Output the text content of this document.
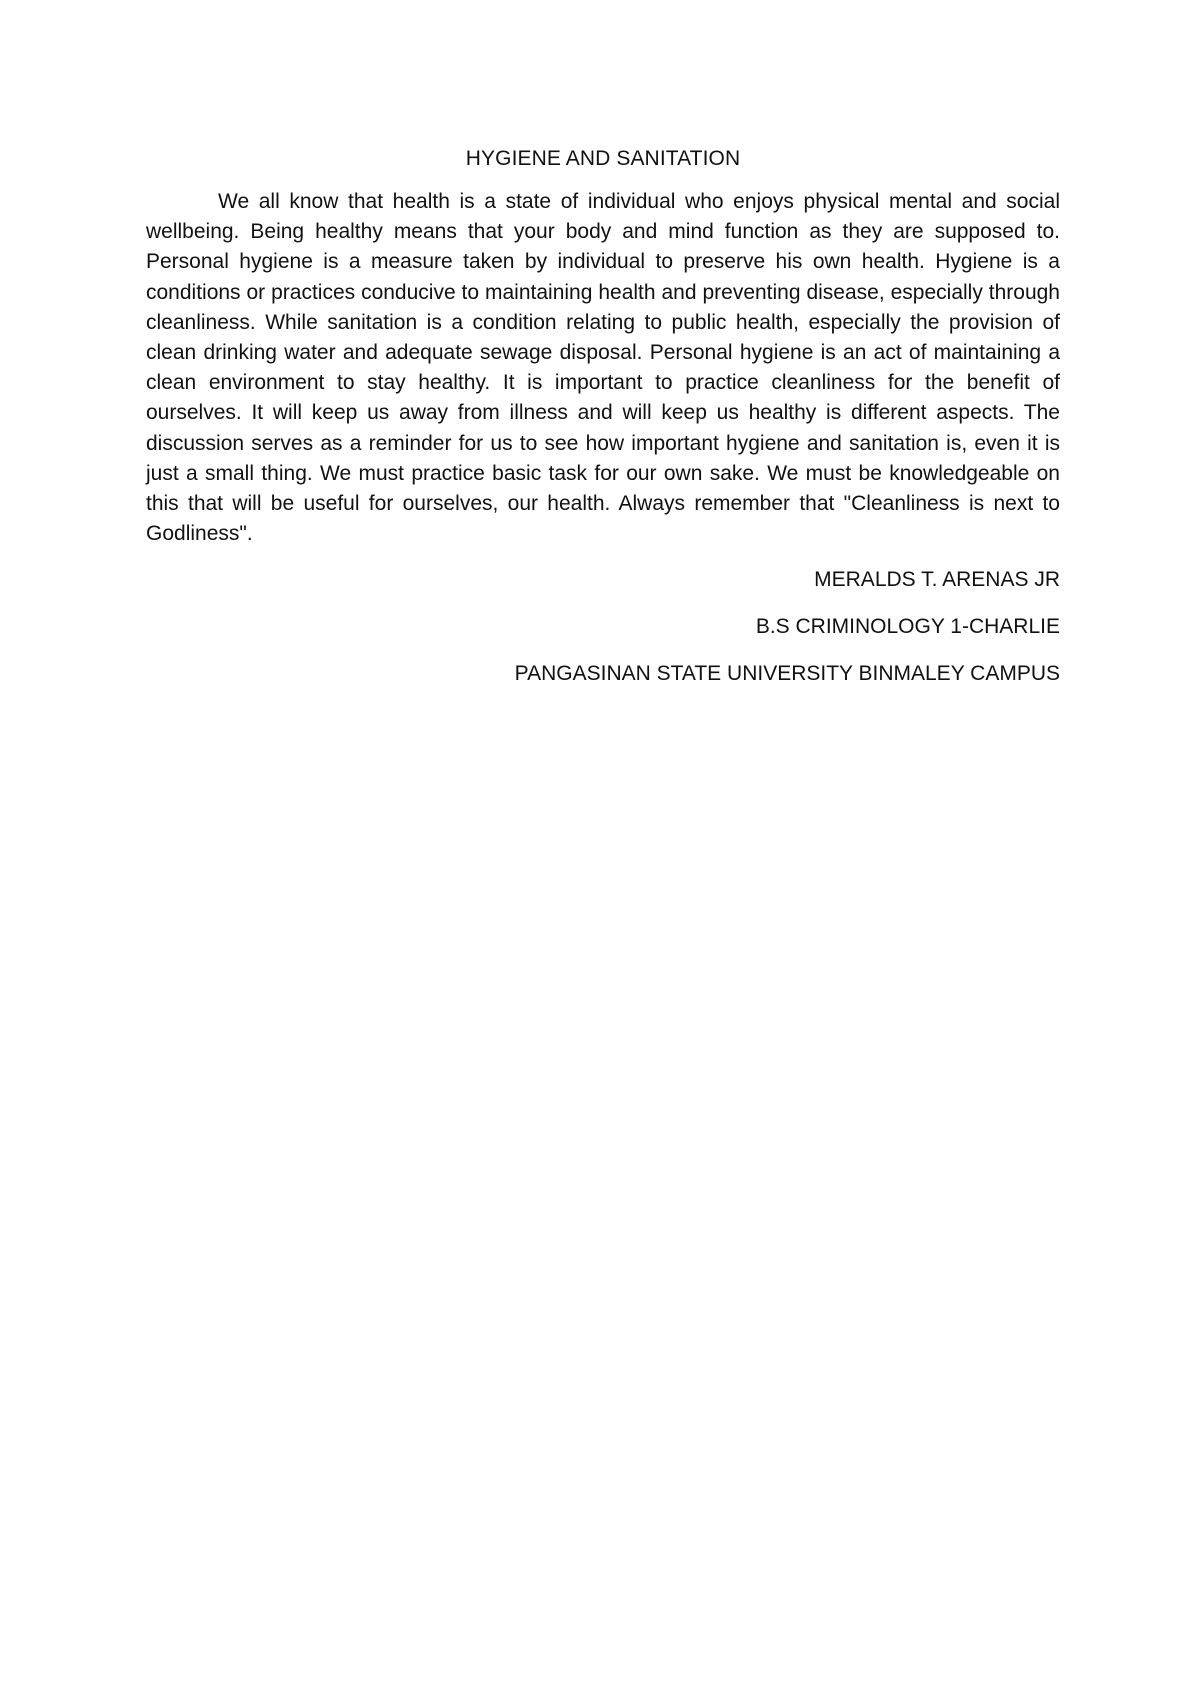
HYGIENE AND SANITATION

We all know that health is a state of individual who enjoys physical mental and social wellbeing. Being healthy means that your body and mind function as they are supposed to. Personal hygiene is a measure taken by individual to preserve his own health. Hygiene is a conditions or practices conducive to maintaining health and preventing disease, especially through cleanliness. While sanitation is a condition relating to public health, especially the provision of clean drinking water and adequate sewage disposal. Personal hygiene is an act of maintaining a clean environment to stay healthy. It is important to practice cleanliness for the benefit of ourselves. It will keep us away from illness and will keep us healthy is different aspects. The discussion serves as a reminder for us to see how important hygiene and sanitation is, even it is just a small thing. We must practice basic task for our own sake. We must be knowledgeable on this that will be useful for ourselves, our health. Always remember that "Cleanliness is next to Godliness".

MERALDS T. ARENAS JR
B.S CRIMINOLOGY 1-CHARLIE
PANGASINAN STATE UNIVERSITY BINMALEY CAMPUS
